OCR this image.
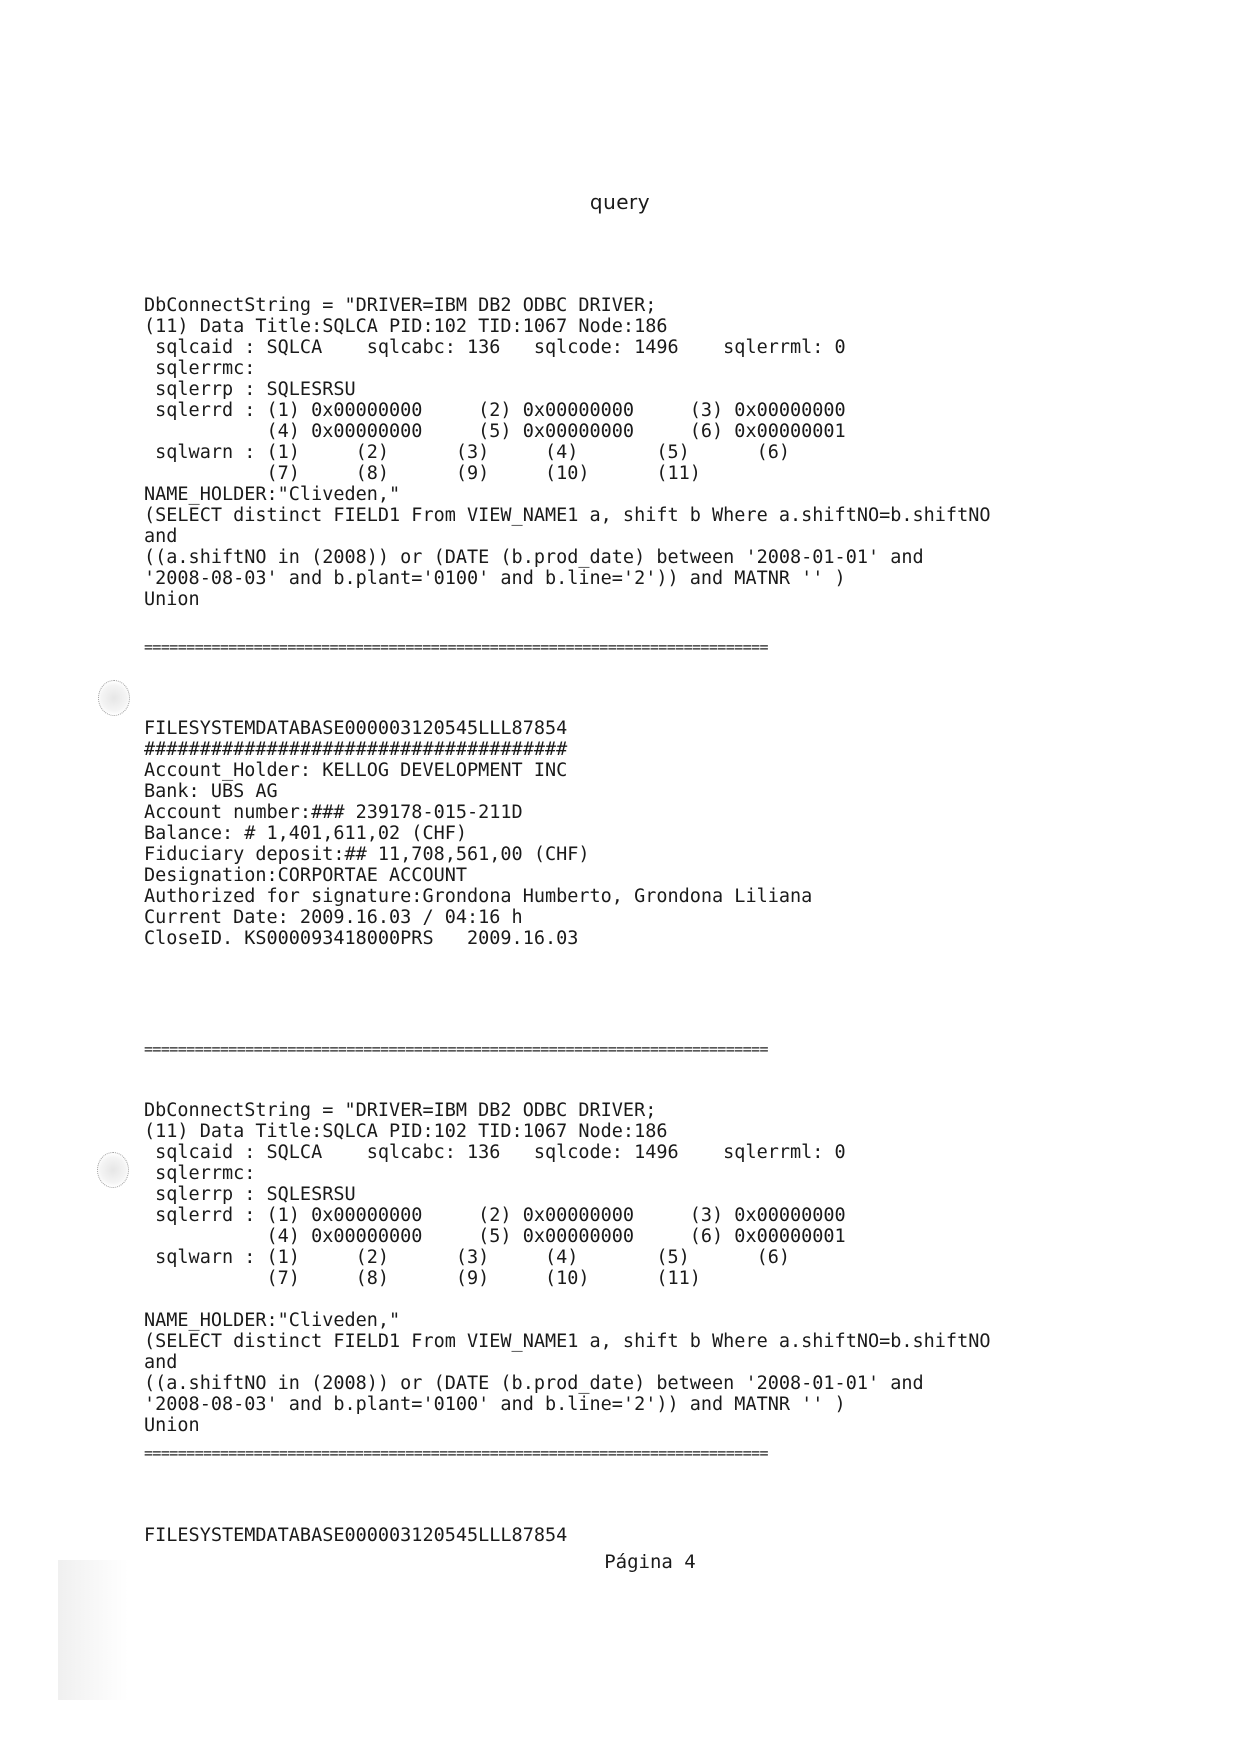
query
DbConnectString = "DRIVER=IBM DB2 ODBC DRIVER;
(11) Data Title:SQLCA PID:102 TID:1067 Node:186
sqlcaid : SQLCA    sqlcabc: 136   sqlcode: 1496    sqlerrml: 0
sqlerrmc:
sqlerrp : SQLESRSU
sqlerrd : (1) 0x00000000     (2) 0x00000000     (3) 0x00000000
(4) 0x00000000     (5) 0x00000000     (6) 0x00000001
sqlwarn : (1)     (2)      (3)     (4)       (5)      (6)
(7)     (8)      (9)     (10)      (11)
NAME_HOLDER:"Cliveden,"
(SELECT distinct FIELD1 From VIEW_NAME1 a, shift b Where a.shiftNO=b.shiftNO
and
((a.shiftNO in (2008)) or (DATE (b.prod_date) between '2008-01-01' and
'2008-08-03' and b.plant='0100' and b.line='2')) and MATNR '' )
Union
==========================================================================
FILESYSTEMDATABASE000003120545LLL87854
######################################
Account_Holder: KELLOG DEVELOPMENT INC
Bank: UBS AG
Account number:### 239178-015-211D
Balance: # 1,401,611,02 (CHF)
Fiduciary deposit:## 11,708,561,00 (CHF)
Designation:CORPORTAE ACCOUNT
Authorized for signature:Grondona Humberto, Grondona Liliana
Current Date: 2009.16.03 / 04:16 h
CloseID. KS000093418000PRS   2009.16.03
==========================================================================
DbConnectString = "DRIVER=IBM DB2 ODBC DRIVER;
(11) Data Title:SQLCA PID:102 TID:1067 Node:186
sqlcaid : SQLCA    sqlcabc: 136   sqlcode: 1496    sqlerrml: 0
sqlerrmc:
sqlerrp : SQLESRSU
sqlerrd : (1) 0x00000000     (2) 0x00000000     (3) 0x00000000
(4) 0x00000000     (5) 0x00000000     (6) 0x00000001
sqlwarn : (1)     (2)      (3)     (4)       (5)      (6)
(7)     (8)      (9)     (10)      (11)
NAME_HOLDER:"Cliveden,"
(SELECT distinct FIELD1 From VIEW_NAME1 a, shift b Where a.shiftNO=b.shiftNO
and
((a.shiftNO in (2008)) or (DATE (b.prod_date) between '2008-01-01' and
'2008-08-03' and b.plant='0100' and b.line='2')) and MATNR '' )
Union
==========================================================================
FILESYSTEMDATABASE000003120545LLL87854
Página 4
